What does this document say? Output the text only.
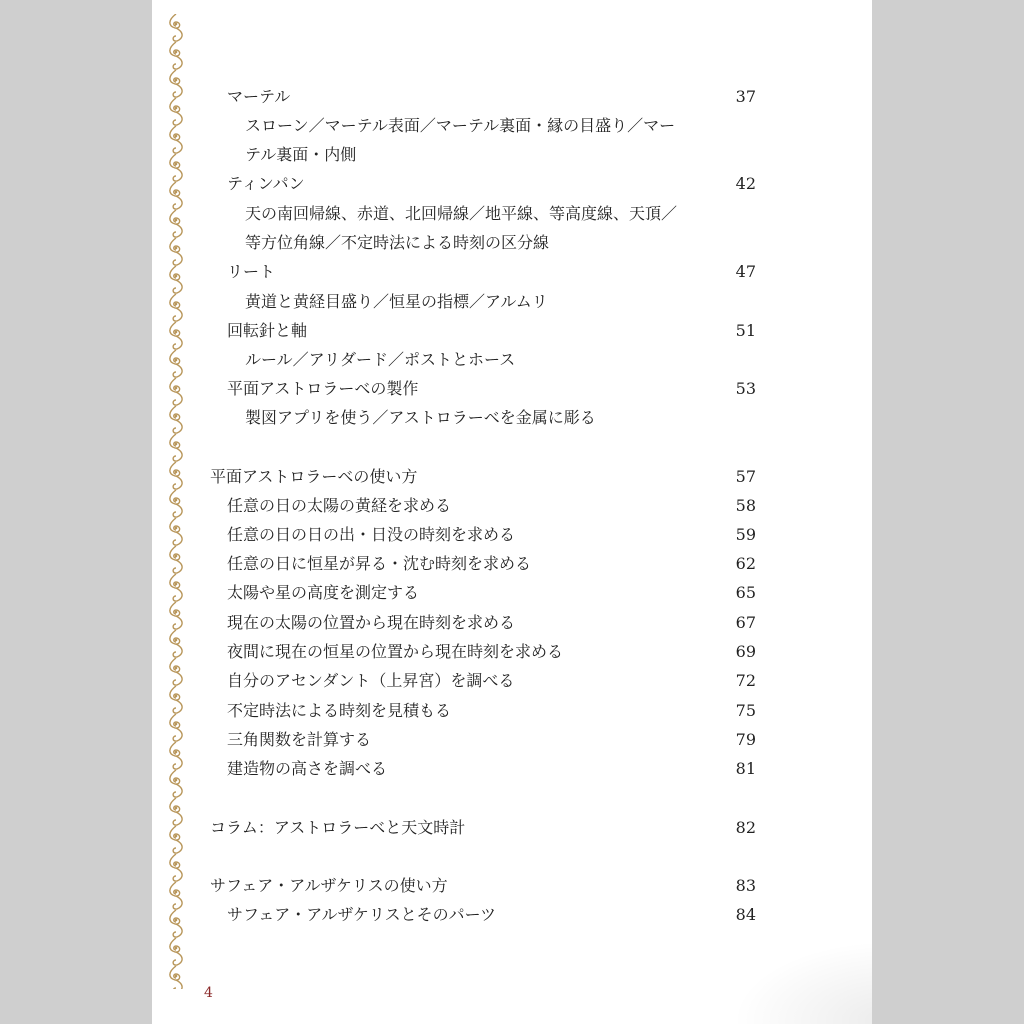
マーテル	37
スローン／マーテル表面／マーテル裏面・縁の目盛り／マー
テル裏面・内側
ティンパン	42
天の南回帰線、赤道、北回帰線／地平線、等高度線、天頂／
等方位角線／不定時法による時刻の区分線
リート	47
黄道と黄経目盛り／恒星の指標／アルムリ
回転針と軸	51
ルール／アリダード／ポストとホース
平面アストロラーベの製作	53
製図アプリを使う／アストロラーベを金属に彫る
平面アストロラーベの使い方	57
任意の日の太陽の黄経を求める	58
任意の日の日の出・日没の時刻を求める	59
任意の日に恒星が昇る・沈む時刻を求める	62
太陽や星の高度を測定する	65
現在の太陽の位置から現在時刻を求める	67
夜間に現在の恒星の位置から現在時刻を求める	69
自分のアセンダント（上昇宮）を調べる	72
不定時法による時刻を見積もる	75
三角関数を計算する	79
建造物の高さを調べる	81
コラム：アストロラーベと天文時計	82
サフェア・アルザケリスの使い方	83
サフェア・アルザケリスとそのパーツ	84
4
